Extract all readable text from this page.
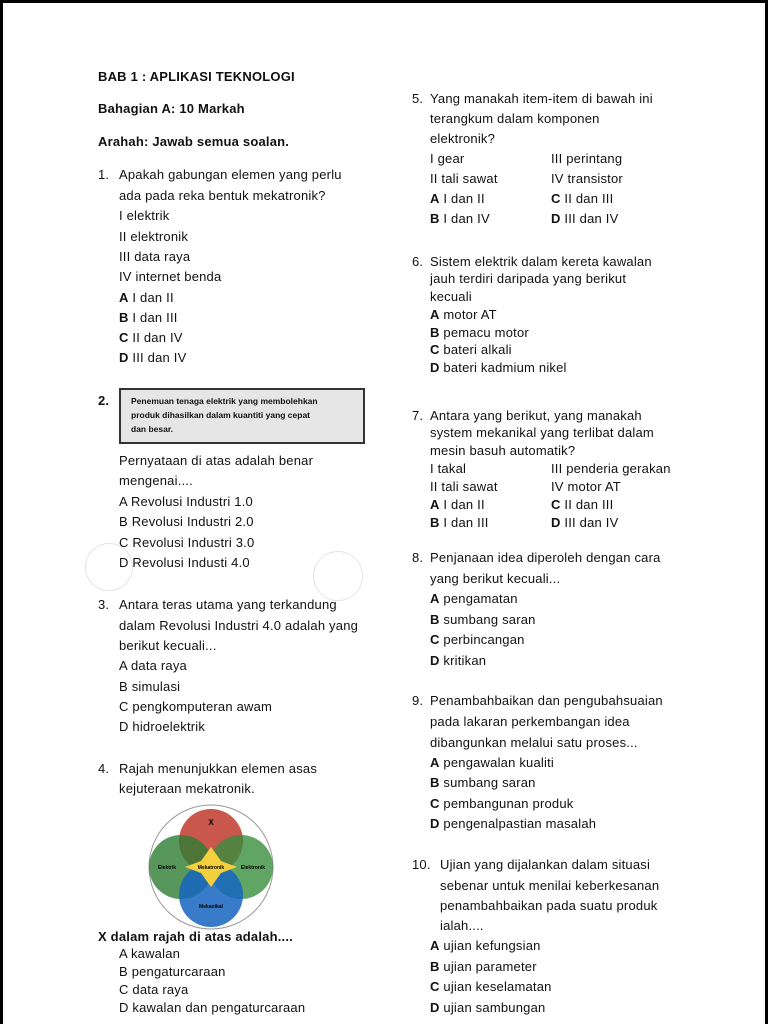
BAB 1 : APLIKASI TEKNOLOGI
Bahagian A: 10 Markah
Arahah: Jawab semua soalan.
1. Apakah gabungan elemen yang perlu
ada pada reka bentuk mekatronik?
I elektrik
II elektronik
III data raya
IV internet benda
A I dan II
B I dan III
C II dan IV
D III dan IV
2.	Penemuan tenaga elektrik yang membolehkan
produk dihasilkan dalam kuantiti yang cepat
dan besar.
Pernyataan di atas adalah benar
mengenai....
A Revolusi Industri 1.0
B Revolusi Industri 2.0
C Revolusi Industri 3.0
D Revolusi Industi 4.0
3. Antara teras utama yang terkandung
dalam Revolusi Industri 4.0 adalah yang
berikut kecuali...
A data raya
B simulasi
C pengkomputeran awam
D hidroelektrik
4. Rajah menunjukkan elemen asas
kejuteraan mekatronik.
X
Elektrik	Mekatronik	Elektronik
Mekanikal
X dalam rajah di atas adalah....
A kawalan
B pengaturcaraan
C data raya
D kawalan dan pengaturcaraan
5. Yang manakah item-item di bawah ini
terangkum dalam komponen
elektronik?
I gear	III perintang
II tali sawat	IV transistor
A I dan II	C II dan III
B I dan IV	D III dan IV
6. Sistem elektrik dalam kereta kawalan
jauh terdiri daripada yang berikut
kecuali
A motor AT
B pemacu motor
C bateri alkali
D bateri kadmium nikel
7. Antara yang berikut, yang manakah
system mekanikal yang terlibat dalam
mesin basuh automatik?
I takal	III penderia gerakan
II tali sawat	IV motor AT
A I dan II	C II dan III
B I dan III	D III dan IV
8. Penjanaan idea diperoleh dengan cara
yang berikut kecuali...
A pengamatan
B sumbang saran
C perbincangan
D kritikan
9. Penambahbaikan dan pengubahsuaian
pada lakaran perkembangan idea
dibangunkan melalui satu proses...
A pengawalan kualiti
B sumbang saran
C pembangunan produk
D pengenalpastian masalah
10. Ujian yang dijalankan dalam situasi
sebenar untuk menilai keberkesanan
penambahbaikan pada suatu produk
ialah....
A ujian kefungsian
B ujian parameter
C ujian keselamatan
D ujian sambungan
